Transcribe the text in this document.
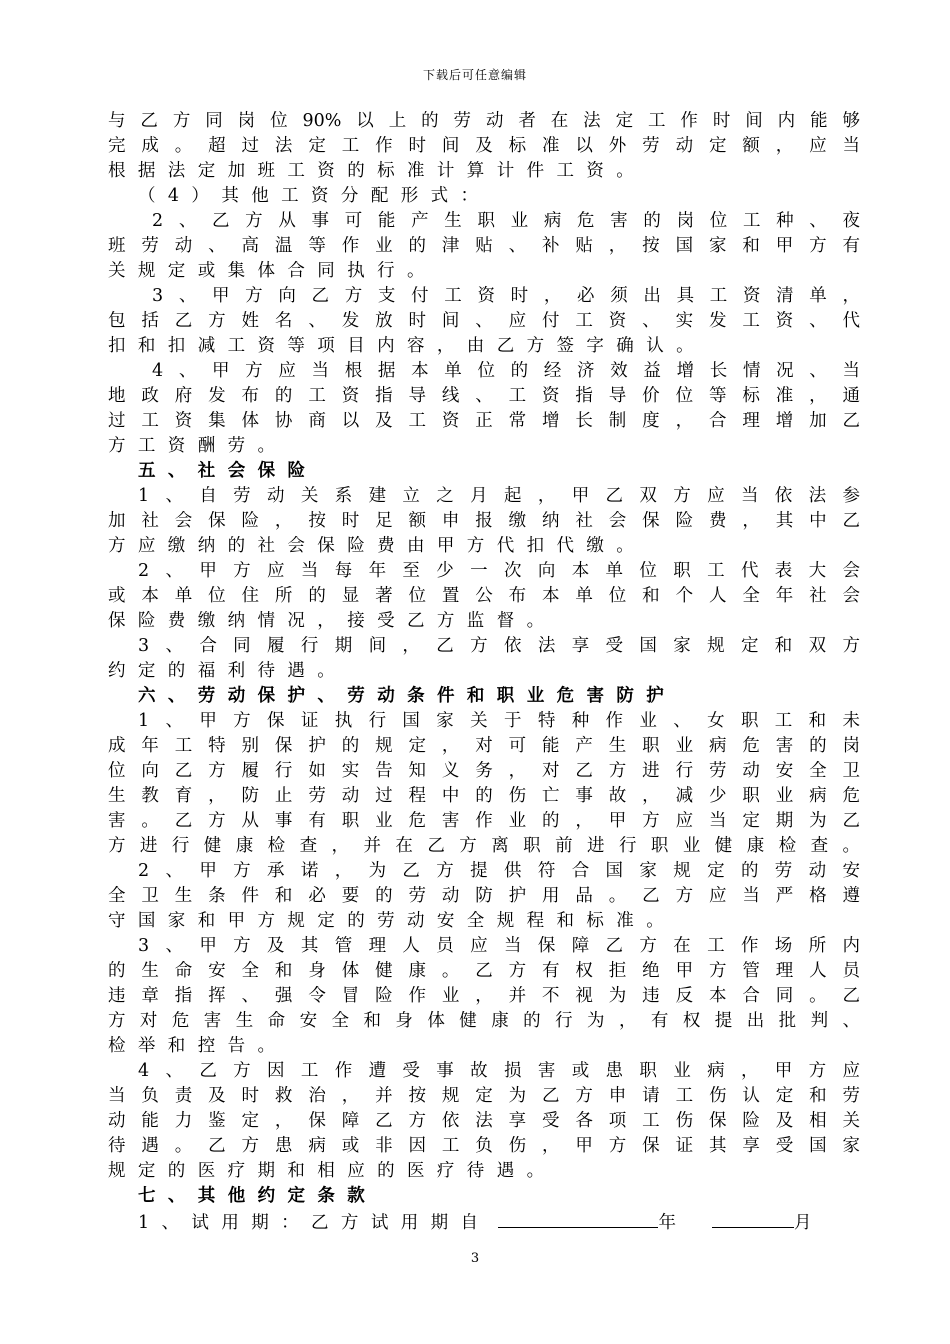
下载后可任意编辑
与乙方同岗位90%以上的劳动者在法定工作时间内能够
完成。超过法定工作时间及标准以外劳动定额，应当
根据法定加班工资的标准计算计件工资。
（4）其他工资分配形式：
2、乙方从事可能产生职业病危害的岗位工种、夜
班劳动、高温等作业的津贴、补贴，按国家和甲方有
关规定或集体合同执行。
3、甲方向乙方支付工资时，必须出具工资清单，
包括乙方姓名、发放时间、应付工资、实发工资、代
扣和扣减工资等项目内容，由乙方签字确认。
4、甲方应当根据本单位的经济效益增长情况、当
地政府发布的工资指导线、工资指导价位等标准，通
过工资集体协商以及工资正常增长制度，合理增加乙
方工资酬劳。
五、社会保险
1、自劳动关系建立之月起，甲乙双方应当依法参
加社会保险，按时足额申报缴纳社会保险费，其中乙
方应缴纳的社会保险费由甲方代扣代缴。
2、甲方应当每年至少一次向本单位职工代表大会
或本单位住所的显著位置公布本单位和个人全年社会
保险费缴纳情况，接受乙方监督。
3、合同履行期间，乙方依法享受国家规定和双方
约定的福利待遇。
六、劳动保护、劳动条件和职业危害防护
1、甲方保证执行国家关于特种作业、女职工和未
成年工特别保护的规定，对可能产生职业病危害的岗
位向乙方履行如实告知义务，对乙方进行劳动安全卫
生教育，防止劳动过程中的伤亡事故，减少职业病危
害。乙方从事有职业危害作业的，甲方应当定期为乙
方进行健康检查，并在乙方离职前进行职业健康检查。
2、甲方承诺，为乙方提供符合国家规定的劳动安
全卫生条件和必要的劳动防护用品。乙方应当严格遵
守国家和甲方规定的劳动安全规程和标准。
3、甲方及其管理人员应当保障乙方在工作场所内
的生命安全和身体健康。乙方有权拒绝甲方管理人员
违章指挥、强令冒险作业，并不视为违反本合同。乙
方对危害生命安全和身体健康的行为，有权提出批判、
检举和控告。
4、乙方因工作遭受事故损害或患职业病，甲方应
当负责及时救治，并按规定为乙方申请工伤认定和劳
动能力鉴定，保障乙方依法享受各项工伤保险及相关
待遇。乙方患病或非因工负伤，甲方保证其享受国家
规定的医疗期和相应的医疗待遇。
七、其他约定条款
1、试用期：乙方试用期自	年	月
3
